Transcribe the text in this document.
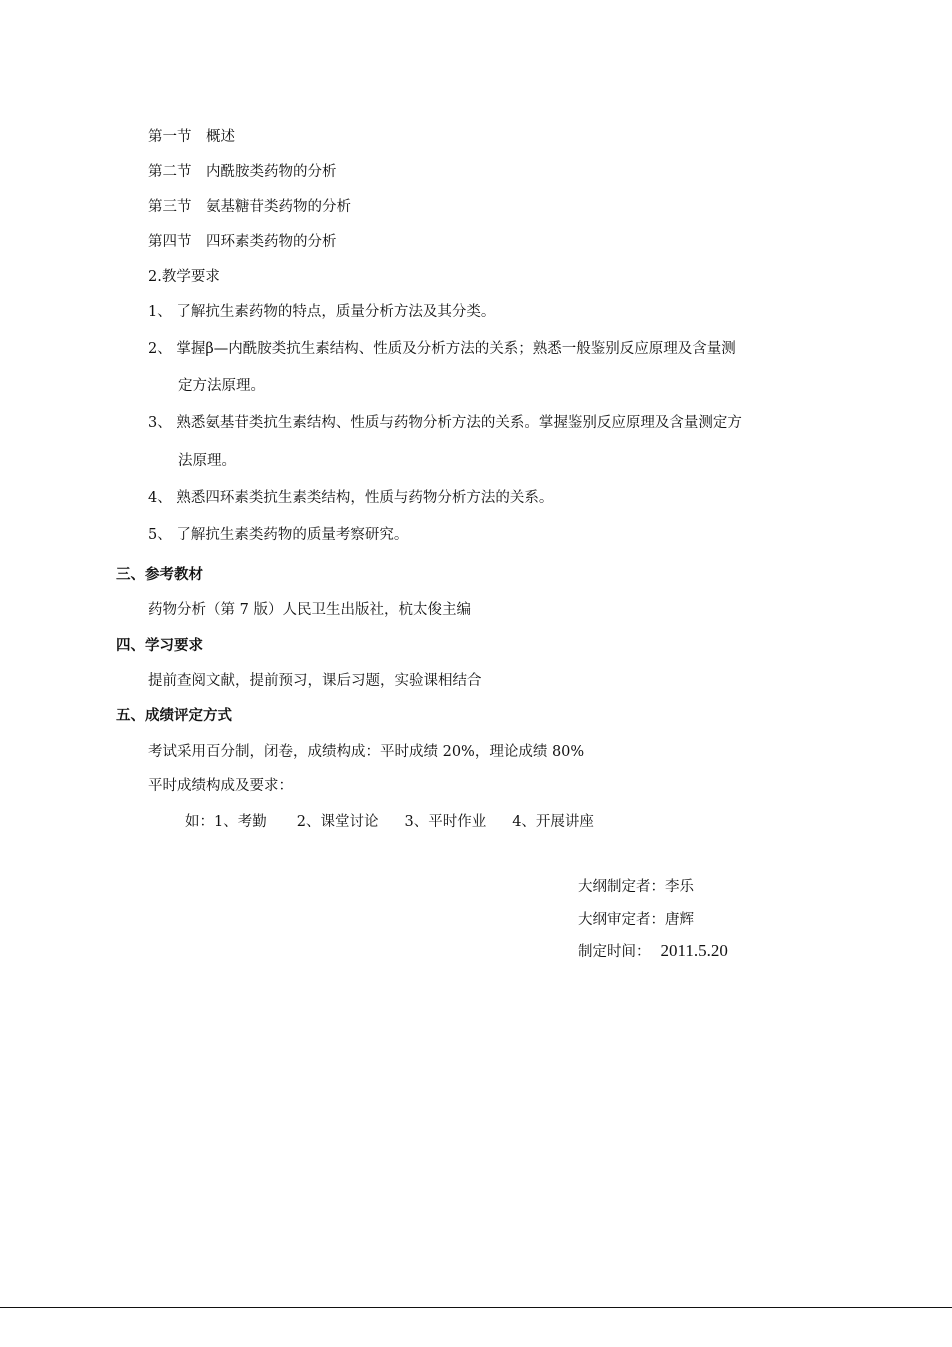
第一节　概述
第二节　内酰胺类药物的分析
第三节　氨基糖苷类药物的分析
第四节　四环素类药物的分析
2.教学要求
1、 了解抗生素药物的特点，质量分析方法及其分类。
2、 掌握β—内酰胺类抗生素结构、性质及分析方法的关系；熟悉一般鉴别反应原理及含量测
定方法原理。
3、 熟悉氨基苷类抗生素结构、性质与药物分析方法的关系。掌握鉴别反应原理及含量测定方
法原理。
4、 熟悉四环素类抗生素类结构，性质与药物分析方法的关系。
5、 了解抗生素类药物的质量考察研究。
三、参考教材
药物分析（第 7 版）人民卫生出版社，杭太俊主编
四、学习要求
提前查阅文献，提前预习，课后习题，实验课相结合
五、成绩评定方式
考试采用百分制，闭卷，成绩构成：平时成绩 20%，理论成绩 80%
平时成绩构成及要求：
如：1、考勤 2、课堂讨论 3、平时作业 4、开展讲座
大纲制定者：李乐
大纲审定者：唐辉
制定时间： 2011.5.20
